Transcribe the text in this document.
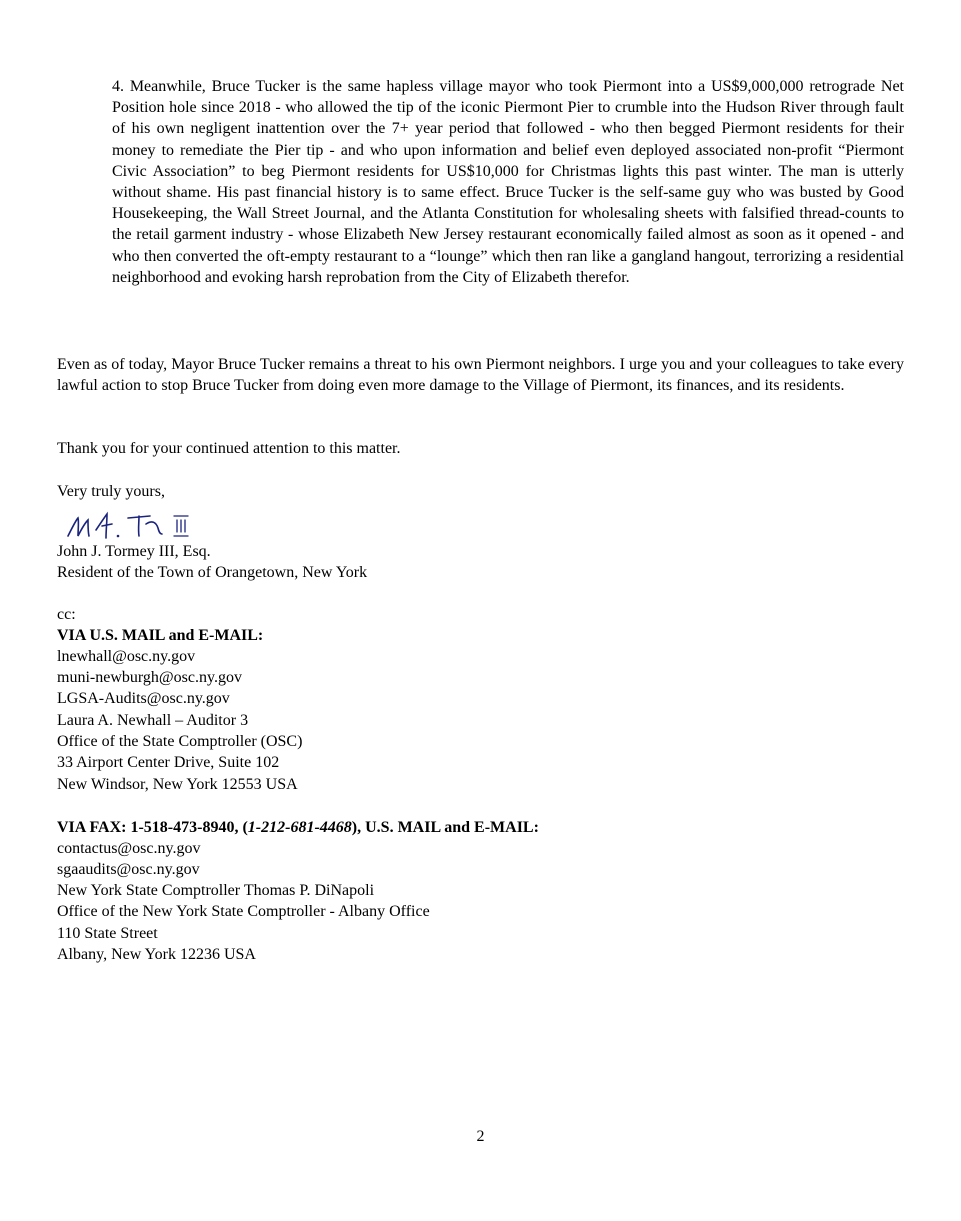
4. Meanwhile, Bruce Tucker is the same hapless village mayor who took Piermont into a US$9,000,000 retrograde Net Position hole since 2018 - who allowed the tip of the iconic Piermont Pier to crumble into the Hudson River through fault of his own negligent inattention over the 7+ year period that followed - who then begged Piermont residents for their money to remediate the Pier tip - and who upon information and belief even deployed associated non-profit “Piermont Civic Association” to beg Piermont residents for US$10,000 for Christmas lights this past winter. The man is utterly without shame. His past financial history is to same effect. Bruce Tucker is the self-same guy who was busted by Good Housekeeping, the Wall Street Journal, and the Atlanta Constitution for wholesaling sheets with falsified thread-counts to the retail garment industry - whose Elizabeth New Jersey restaurant economically failed almost as soon as it opened - and who then converted the oft-empty restaurant to a “lounge” which then ran like a gangland hangout, terrorizing a residential neighborhood and evoking harsh reprobation from the City of Elizabeth therefor.

Even as of today, Mayor Bruce Tucker remains a threat to his own Piermont neighbors. I urge you and your colleagues to take every lawful action to stop Bruce Tucker from doing even more damage to the Village of Piermont, its finances, and its residents.

Thank you for your continued attention to this matter.

Very truly yours,

John J. Tormey III, Esq.

Resident of the Town of Orangetown, New York

cc:

VIA U.S. MAIL and E-MAIL:

lnewhall@osc.ny.gov

muni-newburgh@osc.ny.gov

LGSA-Audits@osc.ny.gov

Laura A. Newhall – Auditor 3

Office of the State Comptroller (OSC)

33 Airport Center Drive, Suite 102

New Windsor, New York 12553 USA

VIA FAX: 1-518-473-8940, (1-212-681-4468), U.S. MAIL and E-MAIL:

contactus@osc.ny.gov

sgaaudits@osc.ny.gov

New York State Comptroller Thomas P. DiNapoli

Office of the New York State Comptroller - Albany Office

110 State Street

Albany, New York 12236 USA

2
